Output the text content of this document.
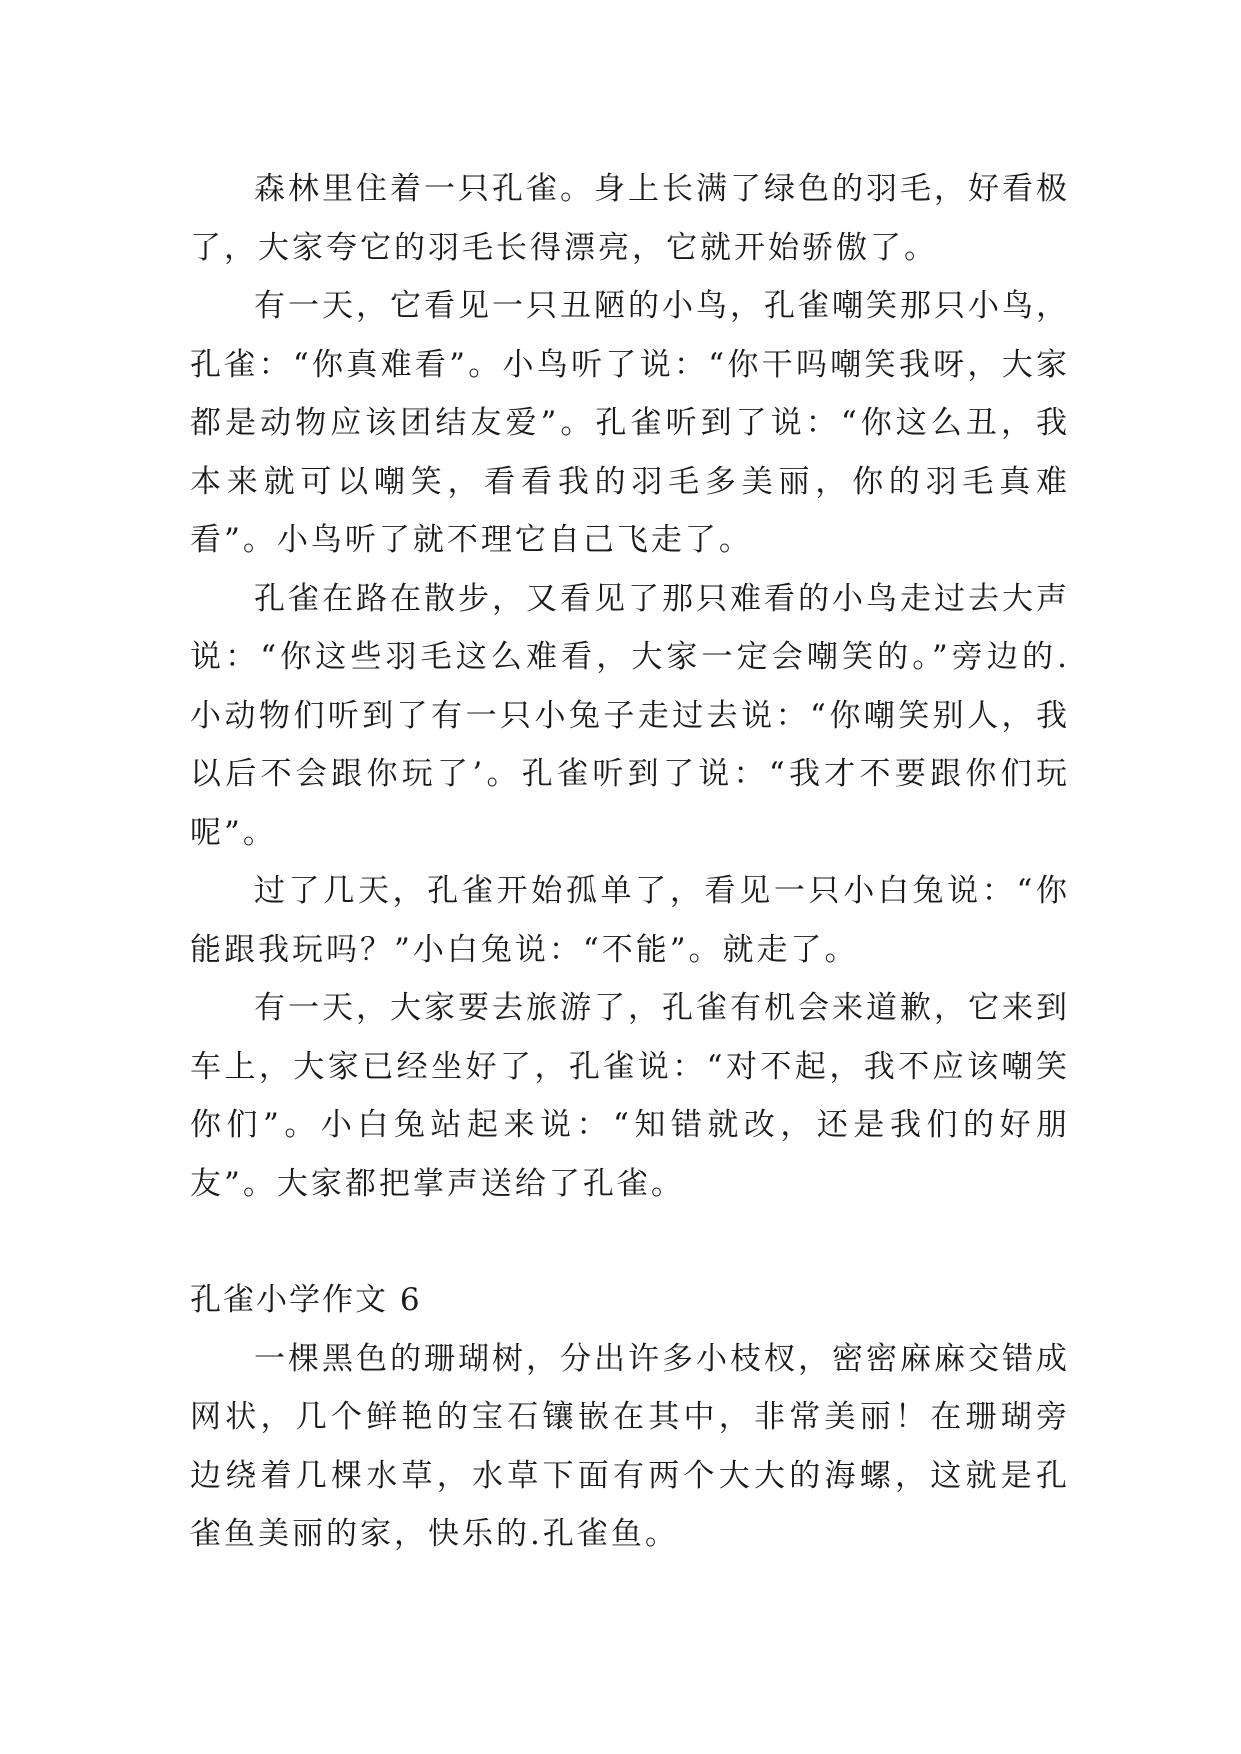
森林里住着一只孔雀。身上长满了绿色的羽毛，好看极了，大家夸它的羽毛长得漂亮，它就开始骄傲了。

有一天，它看见一只丑陋的小鸟，孔雀嘲笑那只小鸟，孔雀：“你真难看”。小鸟听了说：“你干吗嘲笑我呀，大家都是动物应该团结友爱”。孔雀听到了说：“你这么丑，我本来就可以嘲笑，看看我的羽毛多美丽，你的羽毛真难看”。小鸟听了就不理它自己飞走了。

孔雀在路在散步，又看见了那只难看的小鸟走过去大声说：“你这些羽毛这么难看，大家一定会嘲笑的。”旁边的.小动物们听到了有一只小兔子走过去说：“你嘲笑别人，我以后不会跟你玩了’。孔雀听到了说：“我才不要跟你们玩呢”。

过了几天，孔雀开始孤单了，看见一只小白兔说：“你能跟我玩吗？”小白兔说：“不能”。就走了。

有一天，大家要去旅游了，孔雀有机会来道歉，它来到车上，大家已经坐好了，孔雀说：“对不起，我不应该嘲笑你们”。小白兔站起来说：“知错就改，还是我们的好朋友”。大家都把掌声送给了孔雀。

孔雀小学作文 6

一棵黑色的珊瑚树，分出许多小枝杈，密密麻麻交错成网状，几个鲜艳的宝石镶嵌在其中，非常美丽！在珊瑚旁边绕着几棵水草，水草下面有两个大大的海螺，这就是孔雀鱼美丽的家，快乐的.孔雀鱼。
